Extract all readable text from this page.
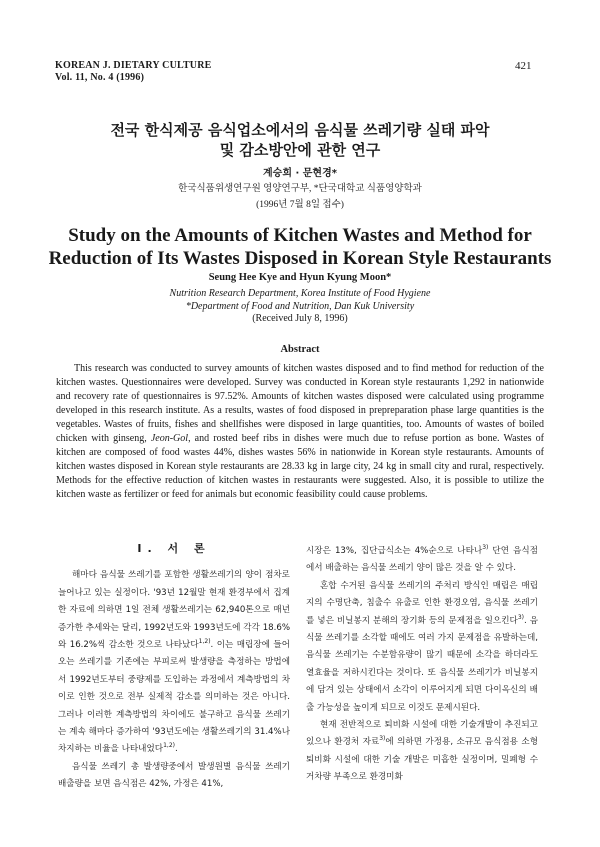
KOREAN J. DIETARY CULTURE
Vol. 11, No. 4 (1996)
421
전국 한식제공 음식업소에서의 음식물 쓰레기량 실태 파악
및 감소방안에 관한 연구
계승희 · 문현경*
한국식품위생연구원 영양연구부, *단국대학교 식품영양학과
(1996년 7월 8일 접수)
Study on the Amounts of Kitchen Wastes and Method for
Reduction of Its Wastes Disposed in Korean Style Restaurants
Seung Hee Kye and Hyun Kyung Moon*
Nutrition Research Department, Korea Institute of Food Hygiene
*Department of Food and Nutrition, Dan Kuk University
(Received July 8, 1996)
Abstract

This research was conducted to survey amounts of kitchen wastes disposed and to find method for reduction of the kitchen wastes. Questionnaires were developed. Survey was conducted in Korean style restaurants 1,292 in nationwide and recovery rate of questionnaires is 97.52%. Amounts of kitchen wastes disposed were calculated using programme developed in this research institute. As a results, wastes of food disposed in prepreparation phase large quantities is the vegetables. Wastes of fruits, fishes and shellfishes were disposed in large quantities, too. Amounts of wastes of boiled chicken with ginseng, Jeon-Gol, and rosted beef ribs in dishes were much due to refuse portion as bone. Wastes of kitchen are composed of food wastes 44%, dishes wastes 56% in nationwide in Korean style restaurants. Amounts of kitchen wastes disposed in Korean style restaurants are 28.33 kg in large city, 24 kg in small city and rural, respectively. Methods for the effective reduction of kitchen wastes in restaurants were suggested. Also, it is possible to utilize the kitchen waste as fertilizer or feed for animals but economic feasibility could cause problems.

I. 서 론

해마다 음식물 쓰레기를 포함한 생활쓰레기의 양이 점차로 늘어나고 있는 실정이다. '93년 12월말 현재 환경부에서 집계한 자료에 의하면 1일 전체 생활쓰레기는 62,940톤으로 매년 증가한 추세와는 달리, 1992년도와 1993년도에 각각 18.6%와 16.2%씩 감소한 것으로 나타났다$^{1,2)}$. 이는 매립장에 들어오는 쓰레기를 기존에는 부피로써 발생량을 측정하는 방법에서 1992년도부터 중량제를 도입하는 과정에서 계측방법의 차이로 인한 것으로 전부 실제적 감소를 의미하는 것은 아니다. 그러나 이러한 계측방법의 차이에도 불구하고 음식물 쓰레기는 계속 해마다 증가하여 '93년도에는 생활쓰레기의 31.4%나 차지하는 비율을 나타내었다$^{1,2)}$.

음식물 쓰레기 총 발생량중에서 발생원별 음식물 쓰레기 배출량을 보면 음식점은 42%, 가정은 41%,

시장은 13%, 집단급식소는 4%순으로 나타나$^{3)}$ 단연 음식점에서 배출하는 음식물 쓰레기 양이 많은 것을 알 수 있다.

혼합 수거된 음식물 쓰레기의 주처리 방식인 매립은 매립지의 수명단축, 침출수 유출로 인한 환경오염, 음식물 쓰레기를 넣은 비닐봉지 분해의 장기화 등의 문제점을 일으킨다$^{3)}$. 음식물 쓰레기를 소각할 때에도 여러 가지 문제점을 유발하는데, 음식물 쓰레기는 수분함유량이 많기 때문에 소각을 하더라도 열효율을 저하시킨다는 것이다. 또 음식물 쓰레기가 비닐봉지에 담겨 있는 상태에서 소각이 이루어지게 되면 다이옥신의 배출 가능성을 높이게 되므로 이것도 문제시된다.

현재 전반적으로 퇴비화 시설에 대한 기술개발이 추진되고 있으나 환경처 자료$^{3)}$에 의하면 가정용, 소규모 음식점용 소형 퇴비화 시설에 대한 기술 개발은 미흡한 실정이며, 밀폐형 수거차량 부족으로 환경미화
